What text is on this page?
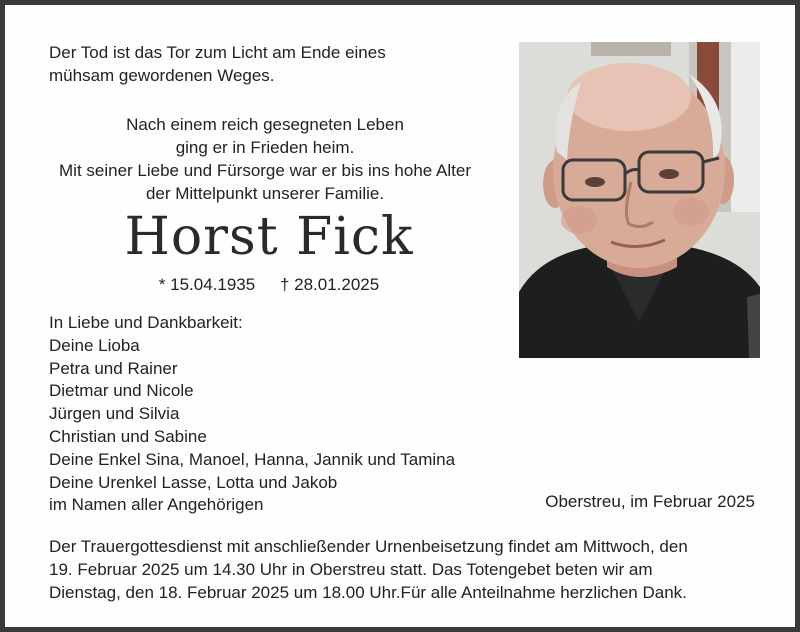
Der Tod ist das Tor zum Licht am Ende eines
mühsam gewordenen Weges.
Nach einem reich gesegneten Leben
ging er in Frieden heim.
Mit seiner Liebe und Fürsorge war er bis ins hohe Alter
der Mittelpunkt unserer Familie.
Horst Fick
* 15.04.1935 † 28.01.2025
In Liebe und Dankbarkeit:
Deine Lioba
Petra und Rainer
Dietmar und Nicole
Jürgen und Silvia
Christian und Sabine
Deine Enkel Sina, Manoel, Hanna, Jannik und Tamina
Deine Urenkel Lasse, Lotta und Jakob
im Namen aller Angehörigen	Oberstreu, im Februar 2025
Der Trauergottesdienst mit anschließender Urnenbeisetzung findet am Mittwoch, den
19. Februar 2025 um 14.30 Uhr in Oberstreu statt. Das Totengebet beten wir am
Dienstag, den 18. Februar 2025 um 18.00 Uhr.Für alle Anteilnahme herzlichen Dank.
